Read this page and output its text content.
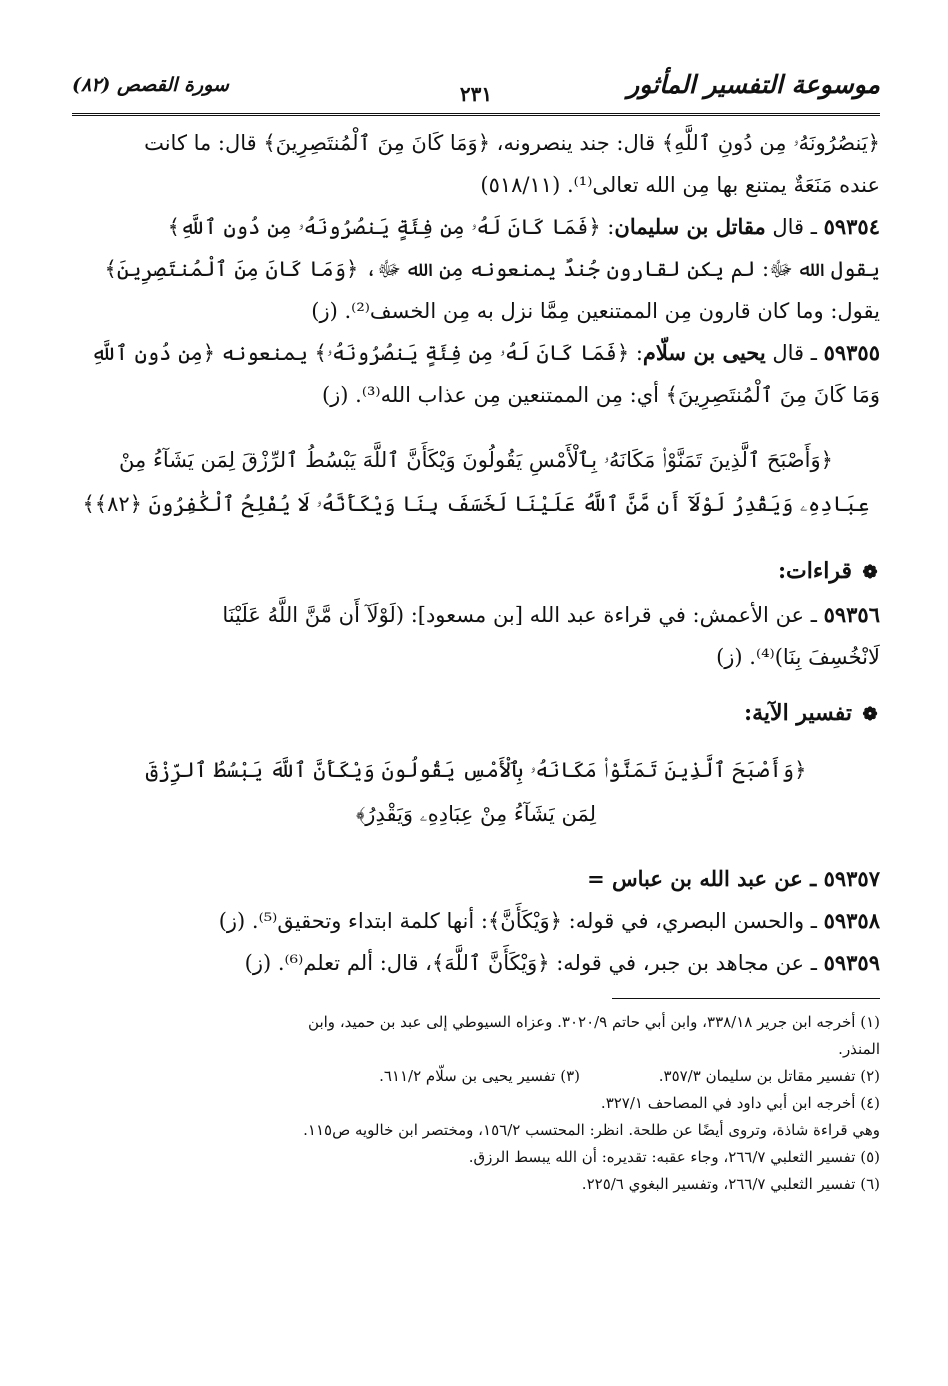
موسوعة التفسير المأثور
٢٣١
سورة القصص (٨٢)
﴿يَنصُرُونَهُۥ مِن دُونِ ٱللَّهِ﴾ قال: جند ينصرونه، ﴿وَمَا كَانَ مِنَ ٱلْمُنتَصِرِينَ﴾ قال: ما كانت
عنده مَنَعَةٌ يمتنع بها مِن الله تعالى⁽¹⁾. (٥١٨/١١)
٥٩٣٥٤ ـ قال مقاتل بن سليمان: ﴿فَمَا كَانَ لَهُۥ مِن فِئَةٍ يَنصُرُونَهُۥ مِن دُونِ ٱللَّهِ﴾
يقول الله ﷻ: لم يكن لقارون جُندٌ يمنعونه مِن الله ﷻ، ﴿وَمَا كَانَ مِنَ ٱلْمُنتَصِرِينَ﴾
يقول: وما كان قارون مِن الممتنعين مِمَّا نزل به مِن الخسف⁽²⁾. (ز)
٥٩٣٥٥ ـ قال يحيى بن سلّام: ﴿فَمَا كَانَ لَهُۥ مِن فِئَةٍ يَنصُرُونَهُۥ﴾ يمنعونه ﴿مِن دُونِ ٱللَّهِ
وَمَا كَانَ مِنَ ٱلْمُنتَصِرِينَ﴾ أي: مِن الممتنعين مِن عذاب الله⁽³⁾. (ز)
﴿وَأَصْبَحَ ٱلَّذِينَ تَمَنَّوْا۟ مَكَانَهُۥ بِٱلْأَمْسِ يَقُولُونَ وَيْكَأَنَّ ٱللَّهَ يَبْسُطُ ٱلرِّزْقَ لِمَن يَشَآءُ مِنْ
عِبَادِهِۦ وَيَقْدِرُ لَوْلَآ أَن مَّنَّ ٱللَّهُ عَلَيْنَا لَخَسَفَ بِنَا وَيْكَأَنَّهُۥ لَا يُفْلِحُ ٱلْكَٰفِرُونَ ﴿٨٢﴾﴾
❁قراءات:
٥٩٣٥٦ ـ عن الأعمش: في قراءة عبد الله [بن مسعود]: (لَوْلَآ أَن مَّنَّ اللَّهُ عَلَيْنَا
لَانْخُسِفَ بِنَا)⁽⁴⁾. (ز)
❁تفسير الآية:
﴿وَأَصْبَحَ ٱلَّذِينَ تَمَنَّوْا۟ مَكَانَهُۥ بِٱلْأَمْسِ يَقُولُونَ وَيْكَأَنَّ ٱللَّهَ يَبْسُطُ ٱلرِّزْقَ
لِمَن يَشَآءُ مِنْ عِبَادِهِۦ وَيَقْدِرُ﴾
٥٩٣٥٧ ـ عن عبد الله بن عباس =
٥٩٣٥٨ ـ والحسن البصري، في قوله: ﴿وَيْكَأَنَّ﴾: أنها كلمة ابتداء وتحقيق⁽⁵⁾. (ز)
٥٩٣٥٩ ـ عن مجاهد بن جبر، في قوله: ﴿وَيْكَأَنَّ ٱللَّهَ﴾، قال: ألم تعلم⁽⁶⁾. (ز)
(١) أخرجه ابن جرير ٣٣٨/١٨، وابن أبي حاتم ٣٠٢٠/٩. وعزاه السيوطي إلى عبد بن حميد، وابن
المنذر.
(٢) تفسير مقاتل بن سليمان ٣٥٧/٣.
(٣) تفسير يحيى بن سلّام ٦١١/٢.
(٤) أخرجه ابن أبي داود في المصاحف ٣٢٧/١.
وهي قراءة شاذة، وتروى أيضًا عن طلحة. انظر: المحتسب ١٥٦/٢، ومختصر ابن خالويه ص١١٥.
(٥) تفسير الثعلبي ٢٦٦/٧، وجاء عقبه: تقديره: أن الله يبسط الرزق.
(٦) تفسير الثعلبي ٢٦٦/٧، وتفسير البغوي ٢٢٥/٦.
